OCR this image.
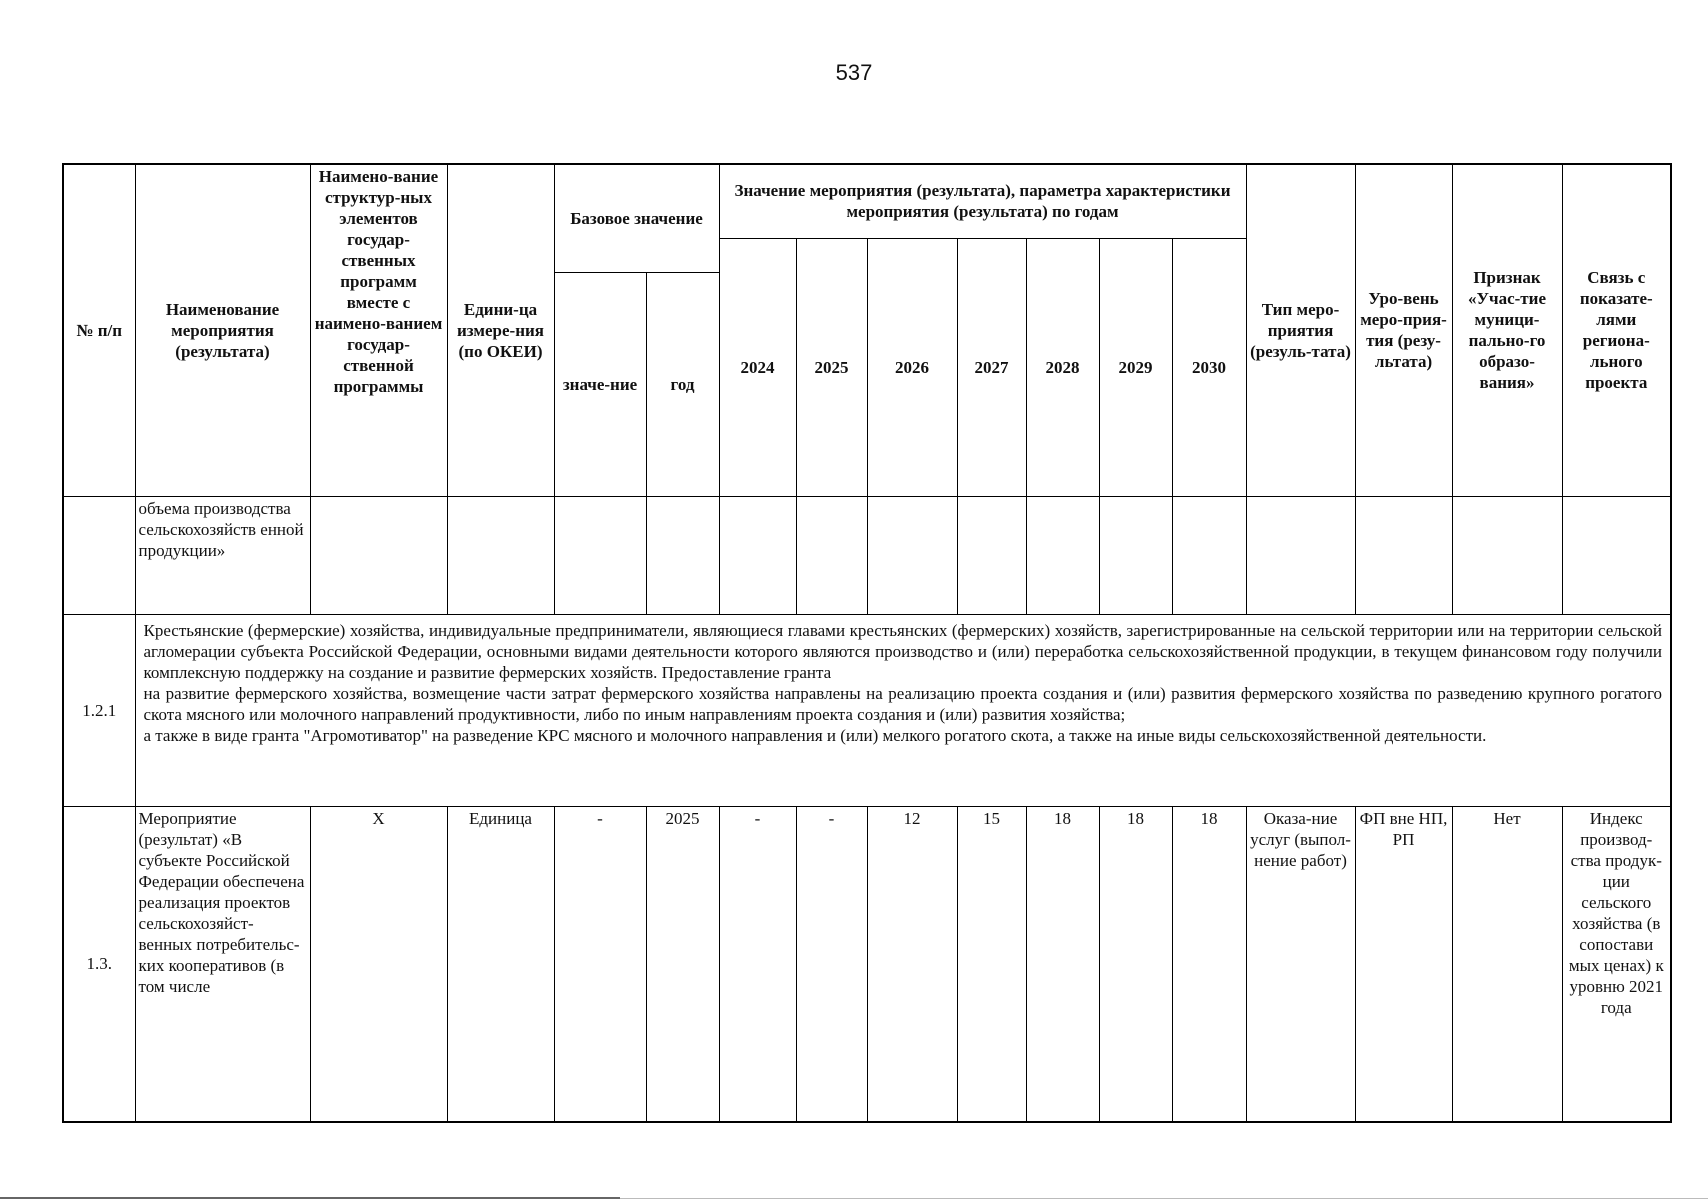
537
№ п/п	Наименование мероприятия (результата)	Наимено-вание структур-ных элементов государ-ственных программ вместе с наимено-ванием государ-ственной программы	Едини-ца измере-ния (по ОКЕИ)	Базовое значение		Значение мероприятия (результата), параметра характеристики мероприятия (результата) по годам							Тип меро-приятия (резуль-тата)	Уро-вень меро-прия-тия (резу-льтата)	Признак «Учас-тие муници-пально-го образо-вания»	Связь с показате-лями регионa-льного проекта
						2024	2025	2026	2027	2028	2029	2030				
				значе-ние	год											
	объема производства сельскохозяйств енной продукции»															
1.2.1	Крестьянские (фермерские) хозяйства, индивидуальные предприниматели, являющиеся главами крестьянских (фермерских) хозяйств, зарегистрированные на сельской территории или на территории сельской агломерации субъекта Российской Федерации, основными видами деятельности которого являются производство и (или) переработка сельскохозяйственной продукции, в текущем финансовом году получили комплексную поддержку на создание и развитие фермерских хозяйств. Предоставление гранта
на развитие фермерского хозяйства, возмещение части затрат фермерского хозяйства направлены на реализацию проекта создания и (или) развития фермерского хозяйства по разведению крупного рогатого скота мясного или молочного направлений продуктивности, либо по иным направлениям проекта создания и (или) развития хозяйства;
а также в виде гранта "Агромотиватор" на разведение КРС мясного и молочного направления и (или) мелкого рогатого скота, а также на иные виды сельскохозяйственной деятельности.															

1.3.	Мероприятие (результат) «В субъекте Российской Федерации обеспечена реализация проектов сельскохозяйст-венных потребительс-ких кооперативов (в том числе	Х	Единица	-	2025	-	-	12	15	18	18	18	Оказа-ние услуг (выпол-нение работ)	ФП вне НП, РП	Нет	Индекс производ-ства продук-ции сельского хозяйства (в сопостави мых ценах) к уровню 2021 года
